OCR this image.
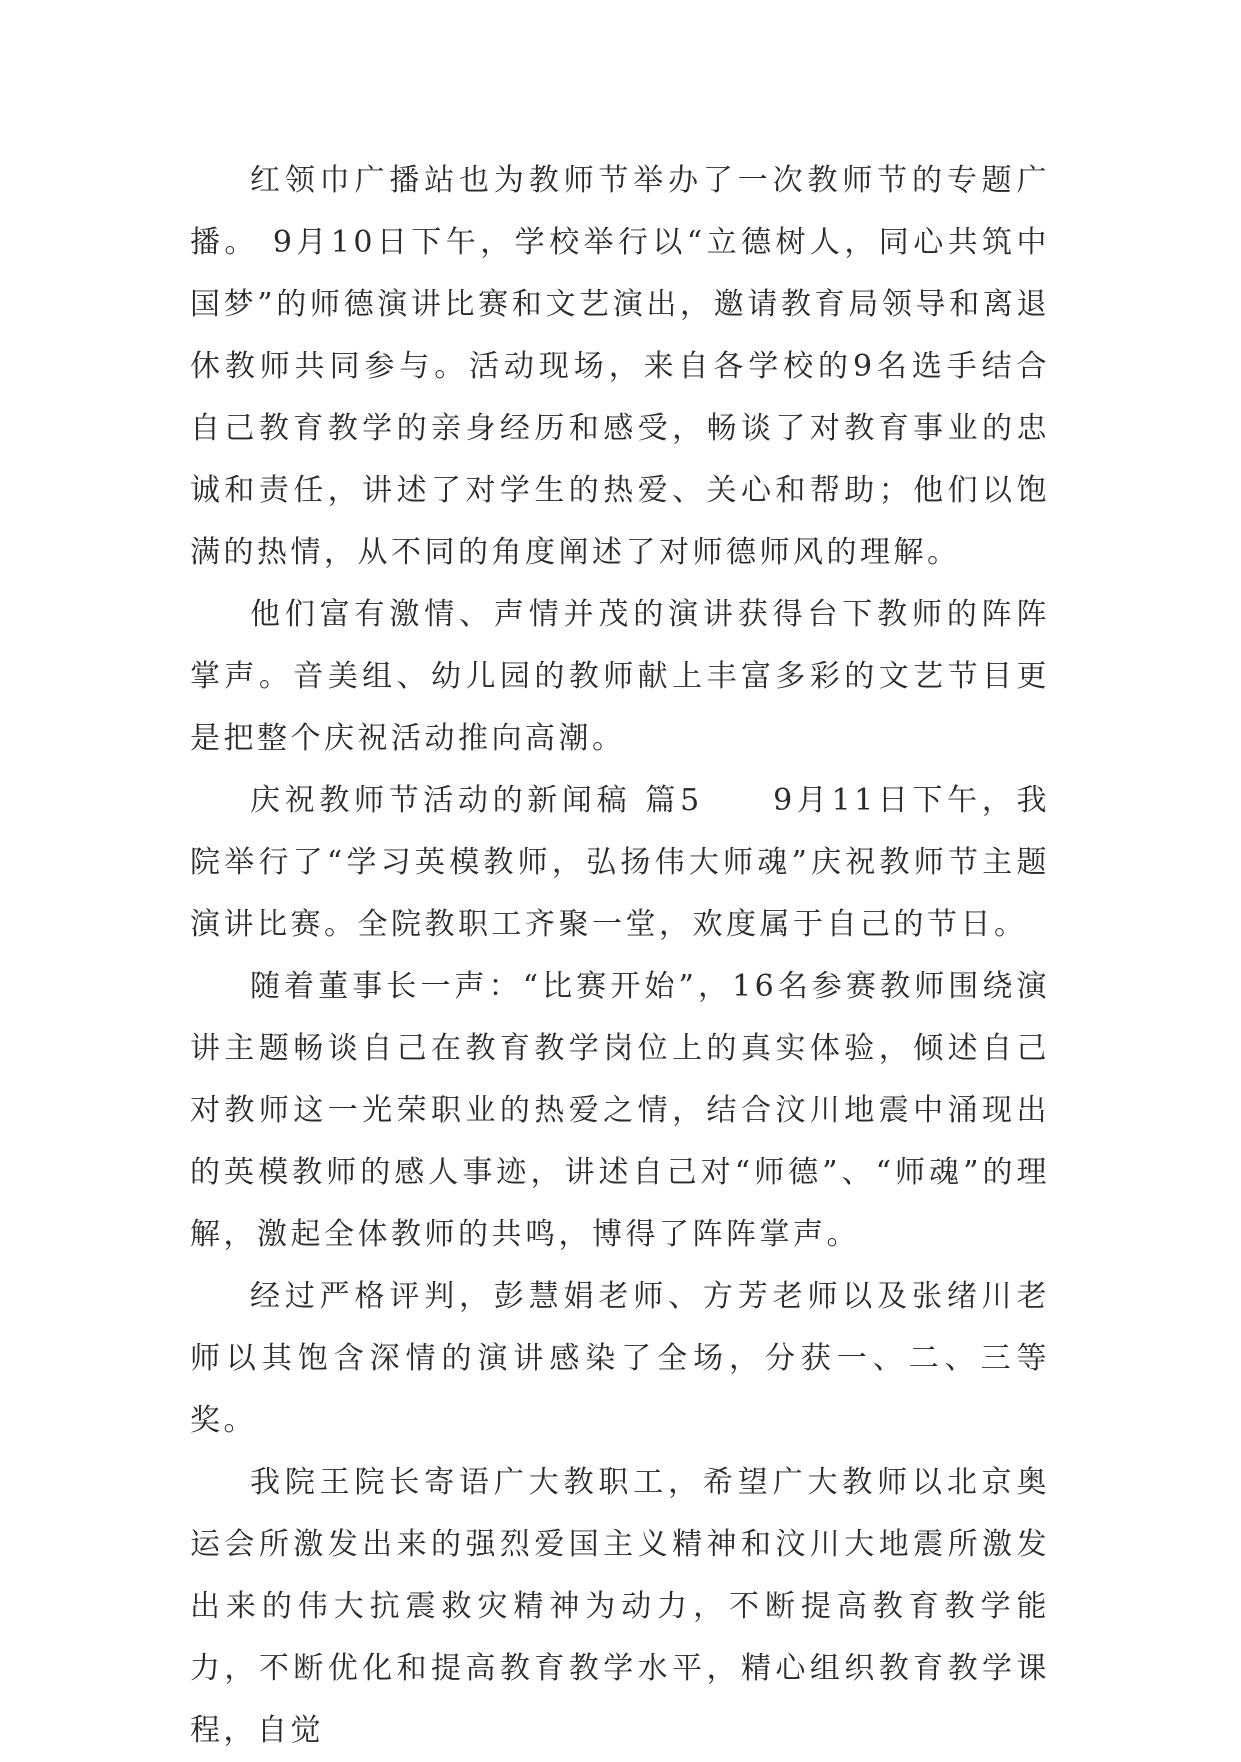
红领巾广播站也为教师节举办了一次教师节的专题广播。 9月10日下午，学校举行以“立德树人，同心共筑中国梦”的师德演讲比赛和文艺演出，邀请教育局领导和离退休教师共同参与。活动现场，来自各学校的9名选手结合自己教育教学的亲身经历和感受，畅谈了对教育事业的忠诚和责任，讲述了对学生的热爱、关心和帮助；他们以饱满的热情，从不同的角度阐述了对师德师风的理解。

他们富有激情、声情并茂的演讲获得台下教师的阵阵掌声。音美组、幼儿园的教师献上丰富多彩的文艺节目更是把整个庆祝活动推向高潮。

庆祝教师节活动的新闻稿 篇5　　9月11日下午，我院举行了“学习英模教师，弘扬伟大师魂”庆祝教师节主题演讲比赛。全院教职工齐聚一堂，欢度属于自己的节日。

随着董事长一声：“比赛开始”，16名参赛教师围绕演讲主题畅谈自己在教育教学岗位上的真实体验，倾述自己对教师这一光荣职业的热爱之情，结合汶川地震中涌现出的英模教师的感人事迹，讲述自己对“师德”、“师魂”的理解，激起全体教师的共鸣，博得了阵阵掌声。

经过严格评判，彭慧娟老师、方芳老师以及张绪川老师以其饱含深情的演讲感染了全场，分获一、二、三等奖。

我院王院长寄语广大教职工，希望广大教师以北京奥运会所激发出来的强烈爱国主义精神和汶川大地震所激发出来的伟大抗震救灾精神为动力，不断提高教育教学能力，不断优化和提高教育教学水平，精心组织教育教学课程，自觉
